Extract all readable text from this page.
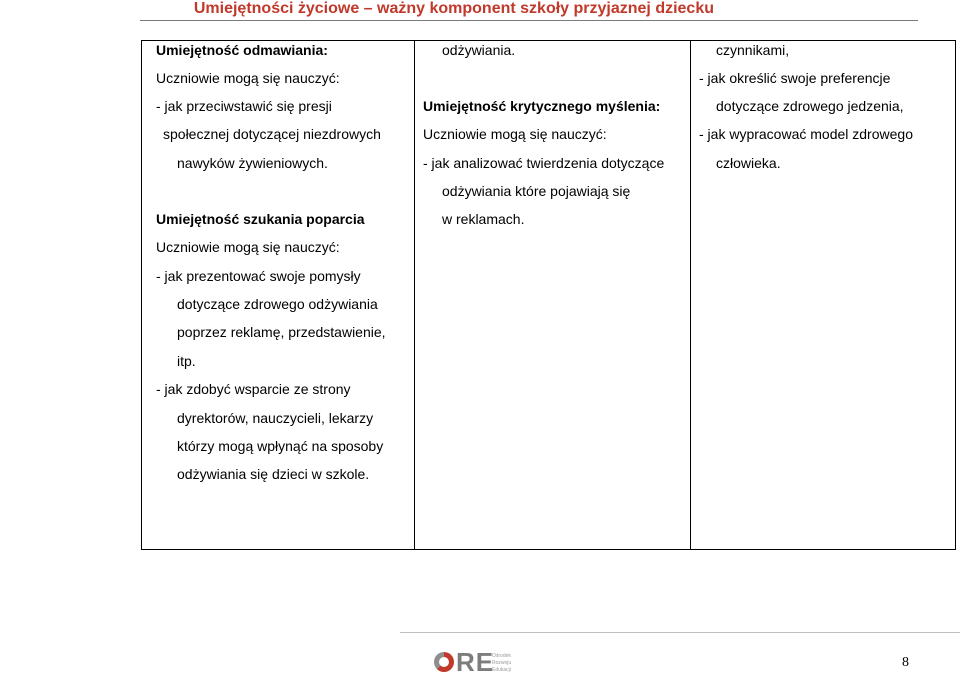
Umiejętności życiowe – ważny komponent szkoły przyjaznej dziecku
Umiejętność odmawiania:
Uczniowie mogą się nauczyć:
- jak przeciwstawić się presji
społecznej dotyczącej niezdrowych
nawyków żywieniowych.
Umiejętność szukania poparcia
Uczniowie mogą się nauczyć:
- jak prezentować swoje pomysły
dotyczące zdrowego odżywiania
poprzez reklamę, przedstawienie,
itp.
- jak zdobyć wsparcie ze strony
dyrektorów, nauczycieli, lekarzy
którzy mogą wpłynąć na sposoby
odżywiania się dzieci w szkole.
odżywiania.
Umiejętność krytycznego myślenia:
Uczniowie mogą się nauczyć:
- jak analizować twierdzenia dotyczące
odżywiania które pojawiają się
w reklamach.
czynnikami,
- jak określić swoje preferencje
dotyczące zdrowego jedzenia,
- jak wypracować model zdrowego
człowieka.
RE
Ośrodek
Rozwoju
Edukacji	8
